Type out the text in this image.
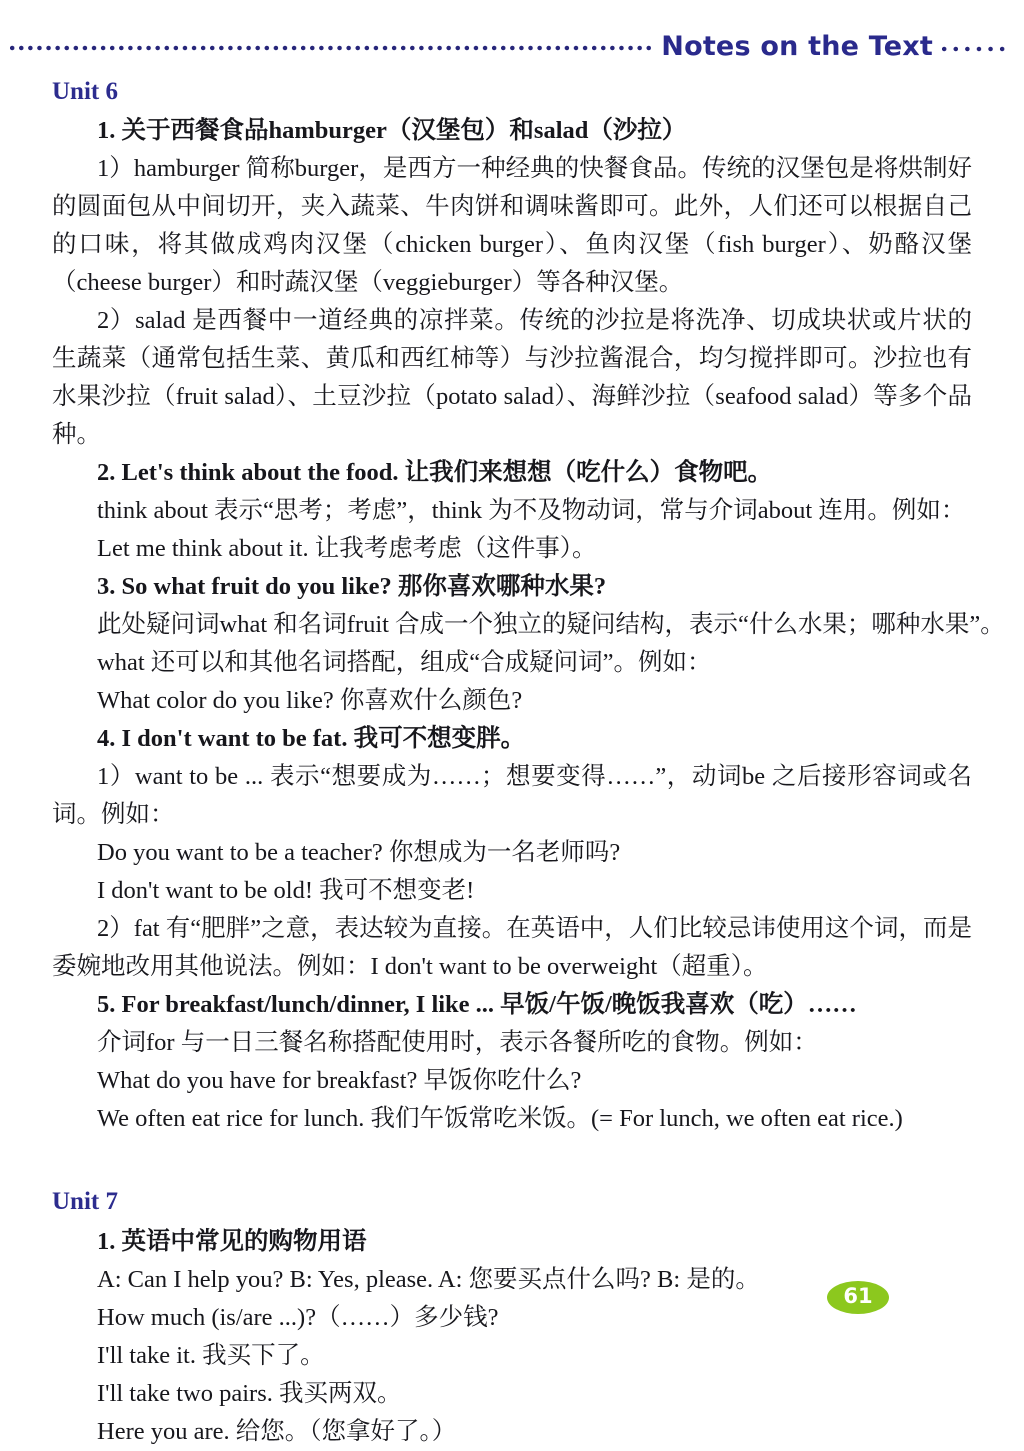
Notes on the Text
Unit 6
1. 关于西餐食品hamburger（汉堡包）和salad（沙拉）

1）hamburger 简称burger，是西方一种经典的快餐食品。传统的汉堡包是将烘制好的圆面包从中间切开，夹入蔬菜、牛肉饼和调味酱即可。此外，人们还可以根据自己的口味，将其做成鸡肉汉堡（chicken burger）、鱼肉汉堡（fish burger）、奶酪汉堡（cheese burger）和时蔬汉堡（veggieburger）等各种汉堡。

2）salad 是西餐中一道经典的凉拌菜。传统的沙拉是将洗净、切成块状或片状的生蔬菜（通常包括生菜、黄瓜和西红柿等）与沙拉酱混合，均匀搅拌即可。沙拉也有水果沙拉（fruit salad）、土豆沙拉（potato salad）、海鲜沙拉（seafood salad）等多个品种。

2. Let's think about the food. 让我们来想想（吃什么）食物吧。
think about 表示“思考；考虑”，think 为不及物动词，常与介词about 连用。例如：
Let me think about it. 让我考虑考虑（这件事）。
3. So what fruit do you like? 那你喜欢哪种水果?
此处疑问词what 和名词fruit 合成一个独立的疑问结构，表示“什么水果；哪种水果”。
what 还可以和其他名词搭配，组成“合成疑问词”。例如：
What color do you like? 你喜欢什么颜色?
4. I don't want to be fat. 我可不想变胖。

1）want to be ... 表示“想要成为……；想要变得……”，动词be 之后接形容词或名词。例如：

Do you want to be a teacher? 你想成为一名老师吗?
I don't want to be old! 我可不想变老!

2）fat 有“肥胖”之意，表达较为直接。在英语中，人们比较忌讳使用这个词，而是委婉地改用其他说法。例如：I don't want to be overweight（超重）。

5. For breakfast/lunch/dinner, I like ... 早饭/午饭/晚饭我喜欢（吃）……
介词for 与一日三餐名称搭配使用时，表示各餐所吃的食物。例如：
What do you have for breakfast? 早饭你吃什么?
We often eat rice for lunch. 我们午饭常吃米饭。(= For lunch, we often eat rice.)
Unit 7
1. 英语中常见的购物用语
A: Can I help you? B: Yes, please. A: 您要买点什么吗? B: 是的。
How much (is/are ...)?（……）多少钱?
I'll take it. 我买下了。
I'll take two pairs. 我买两双。
Here you are. 给您。（您拿好了。）
61
